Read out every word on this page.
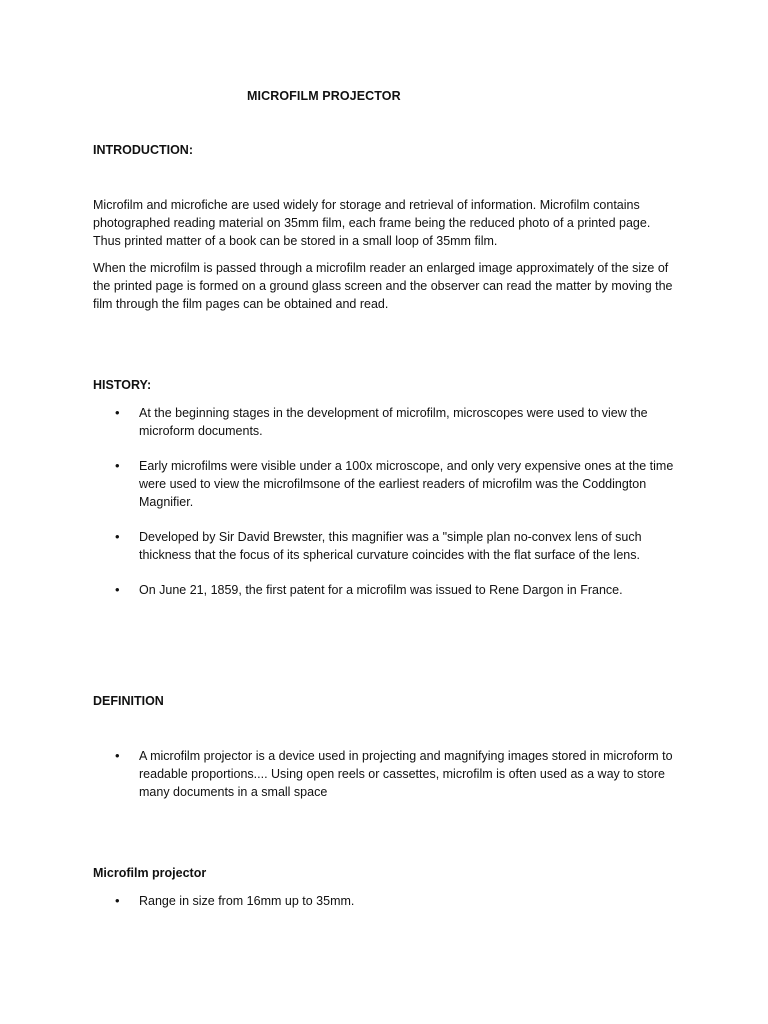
MICROFILM PROJECTOR
INTRODUCTION:

Microfilm and microfiche are used widely for storage and retrieval of information. Microfilm contains photographed reading material on 35mm film, each frame being the reduced photo of a printed page. Thus printed matter of a book can be stored in a small loop of 35mm film.

When the microfilm is passed through a microfilm reader an enlarged image approximately of the size of the printed page is formed on a ground glass screen and the observer can read the matter by moving the film through the film pages can be obtained and read.

HISTORY:
• At the beginning stages in the development of microfilm, microscopes were used to view the microform documents.
• Early microfilms were visible under a 100x microscope, and only very expensive ones at the time were used to view the microfilmsone of the earliest readers of microfilm was the Coddington Magnifier.
• Developed by Sir David Brewster, this magnifier was a "simple plan no-convex lens of such thickness that the focus of its spherical curvature coincides with the flat surface of the lens.
• On June 21, 1859, the first patent for a microfilm was issued to Rene Dargon in France.
DEFINITION
• A microfilm projector is a device used in projecting and magnifying images stored in microform to readable proportions.... Using open reels or cassettes, microfilm is often used as a way to store many documents in a small space
Microfilm projector
• Range in size from 16mm up to 35mm.
